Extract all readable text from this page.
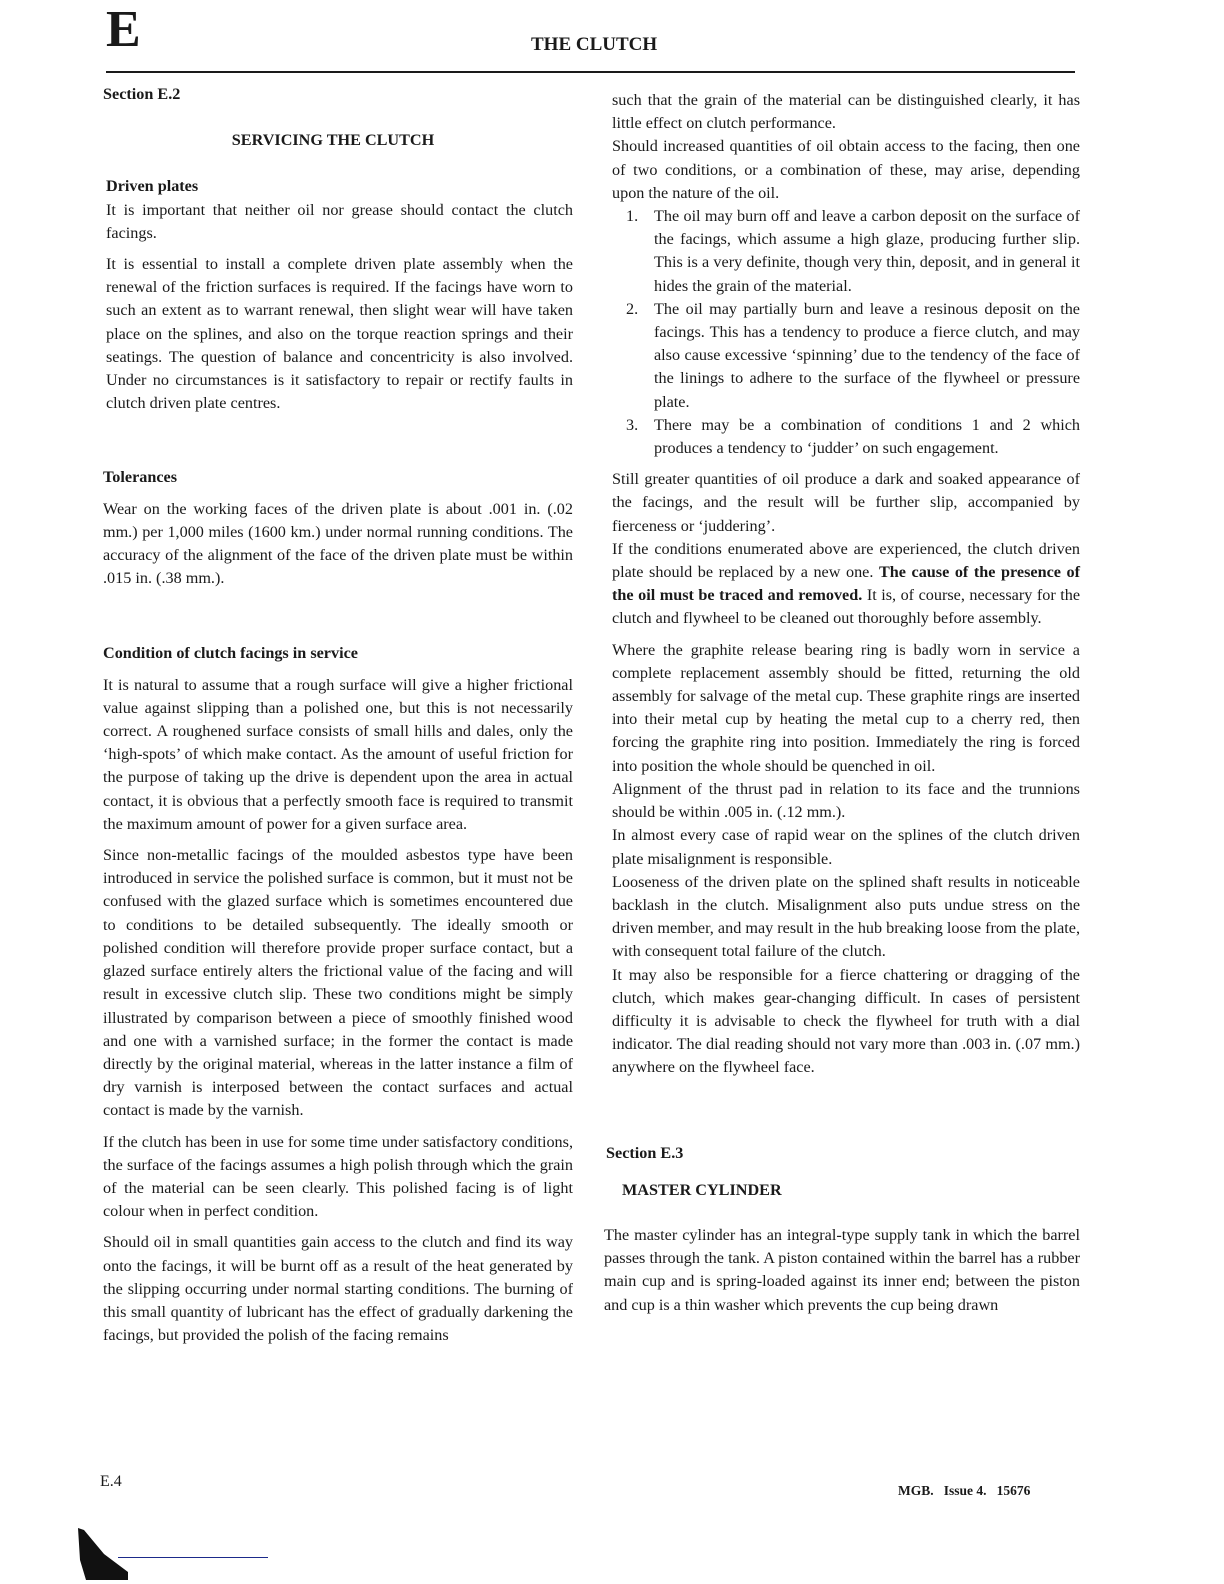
E	THE CLUTCH

Section E.2

SERVICING THE CLUTCH

Driven plates

It is important that neither oil nor grease should contact the clutch facings.

It is essential to install a complete driven plate assembly when the renewal of the friction surfaces is required. If the facings have worn to such an extent as to warrant renewal, then slight wear will have taken place on the splines, and also on the torque reaction springs and their seatings. The question of balance and concentricity is also involved. Under no circumstances is it satisfactory to repair or rectify faults in clutch driven plate centres.

Tolerances

Wear on the working faces of the driven plate is about .001 in. (.02 mm.) per 1,000 miles (1600 km.) under normal running conditions. The accuracy of the alignment of the face of the driven plate must be within .015 in. (.38 mm.).

Condition of clutch facings in service

It is natural to assume that a rough surface will give a higher frictional value against slipping than a polished one, but this is not necessarily correct. A roughened surface consists of small hills and dales, only the ‘high-spots’ of which make contact. As the amount of useful friction for the purpose of taking up the drive is dependent upon the area in actual contact, it is obvious that a perfectly smooth face is required to transmit the maximum amount of power for a given surface area.

Since non-metallic facings of the moulded asbestos type have been introduced in service the polished surface is common, but it must not be confused with the glazed surface which is sometimes encountered due to conditions to be detailed subsequently. The ideally smooth or polished condition will therefore provide proper surface contact, but a glazed surface entirely alters the frictional value of the facing and will result in excessive clutch slip. These two conditions might be simply illustrated by comparison between a piece of smoothly finished wood and one with a varnished surface; in the former the contact is made directly by the original material, whereas in the latter instance a film of dry varnish is interposed between the contact surfaces and actual contact is made by the varnish.

If the clutch has been in use for some time under satisfactory conditions, the surface of the facings assumes a high polish through which the grain of the material can be seen clearly. This polished facing is of light colour when in perfect condition.

Should oil in small quantities gain access to the clutch and find its way onto the facings, it will be burnt off as a result of the heat generated by the slipping occurring under normal starting conditions. The burning of this small quantity of lubricant has the effect of gradually darkening the facings, but provided the polish of the facing remains

such that the grain of the material can be distinguished clearly, it has little effect on clutch performance.

Should increased quantities of oil obtain access to the facing, then one of two conditions, or a combination of these, may arise, depending upon the nature of the oil.

1. The oil may burn off and leave a carbon deposit on the surface of the facings, which assume a high glaze, producing further slip. This is a very definite, though very thin, deposit, and in general it hides the grain of the material.
2. The oil may partially burn and leave a resinous deposit on the facings. This has a tendency to produce a fierce clutch, and may also cause excessive ‘spinning’ due to the tendency of the face of the linings to adhere to the surface of the flywheel or pressure plate.
3. There may be a combination of conditions 1 and 2 which produces a tendency to ‘judder’ on such engagement.

Still greater quantities of oil produce a dark and soaked appearance of the facings, and the result will be further slip, accompanied by fierceness or ‘juddering’.

If the conditions enumerated above are experienced, the clutch driven plate should be replaced by a new one. The cause of the presence of the oil must be traced and removed. It is, of course, necessary for the clutch and flywheel to be cleaned out thoroughly before assembly.

Where the graphite release bearing ring is badly worn in service a complete replacement assembly should be fitted, returning the old assembly for salvage of the metal cup. These graphite rings are inserted into their metal cup by heating the metal cup to a cherry red, then forcing the graphite ring into position. Immediately the ring is forced into position the whole should be quenched in oil.

Alignment of the thrust pad in relation to its face and the trunnions should be within .005 in. (.12 mm.).

In almost every case of rapid wear on the splines of the clutch driven plate misalignment is responsible.

Looseness of the driven plate on the splined shaft results in noticeable backlash in the clutch. Misalignment also puts undue stress on the driven member, and may result in the hub breaking loose from the plate, with consequent total failure of the clutch.

It may also be responsible for a fierce chattering or dragging of the clutch, which makes gear-changing difficult. In cases of persistent difficulty it is advisable to check the flywheel for truth with a dial indicator. The dial reading should not vary more than .003 in. (.07 mm.) anywhere on the flywheel face.

Section E.3

MASTER CYLINDER

The master cylinder has an integral-type supply tank in which the barrel passes through the tank. A piston contained within the barrel has a rubber main cup and is spring-loaded against its inner end; between the piston and cup is a thin washer which prevents the cup being drawn

E.4

MGB.   Issue 4.   15676
